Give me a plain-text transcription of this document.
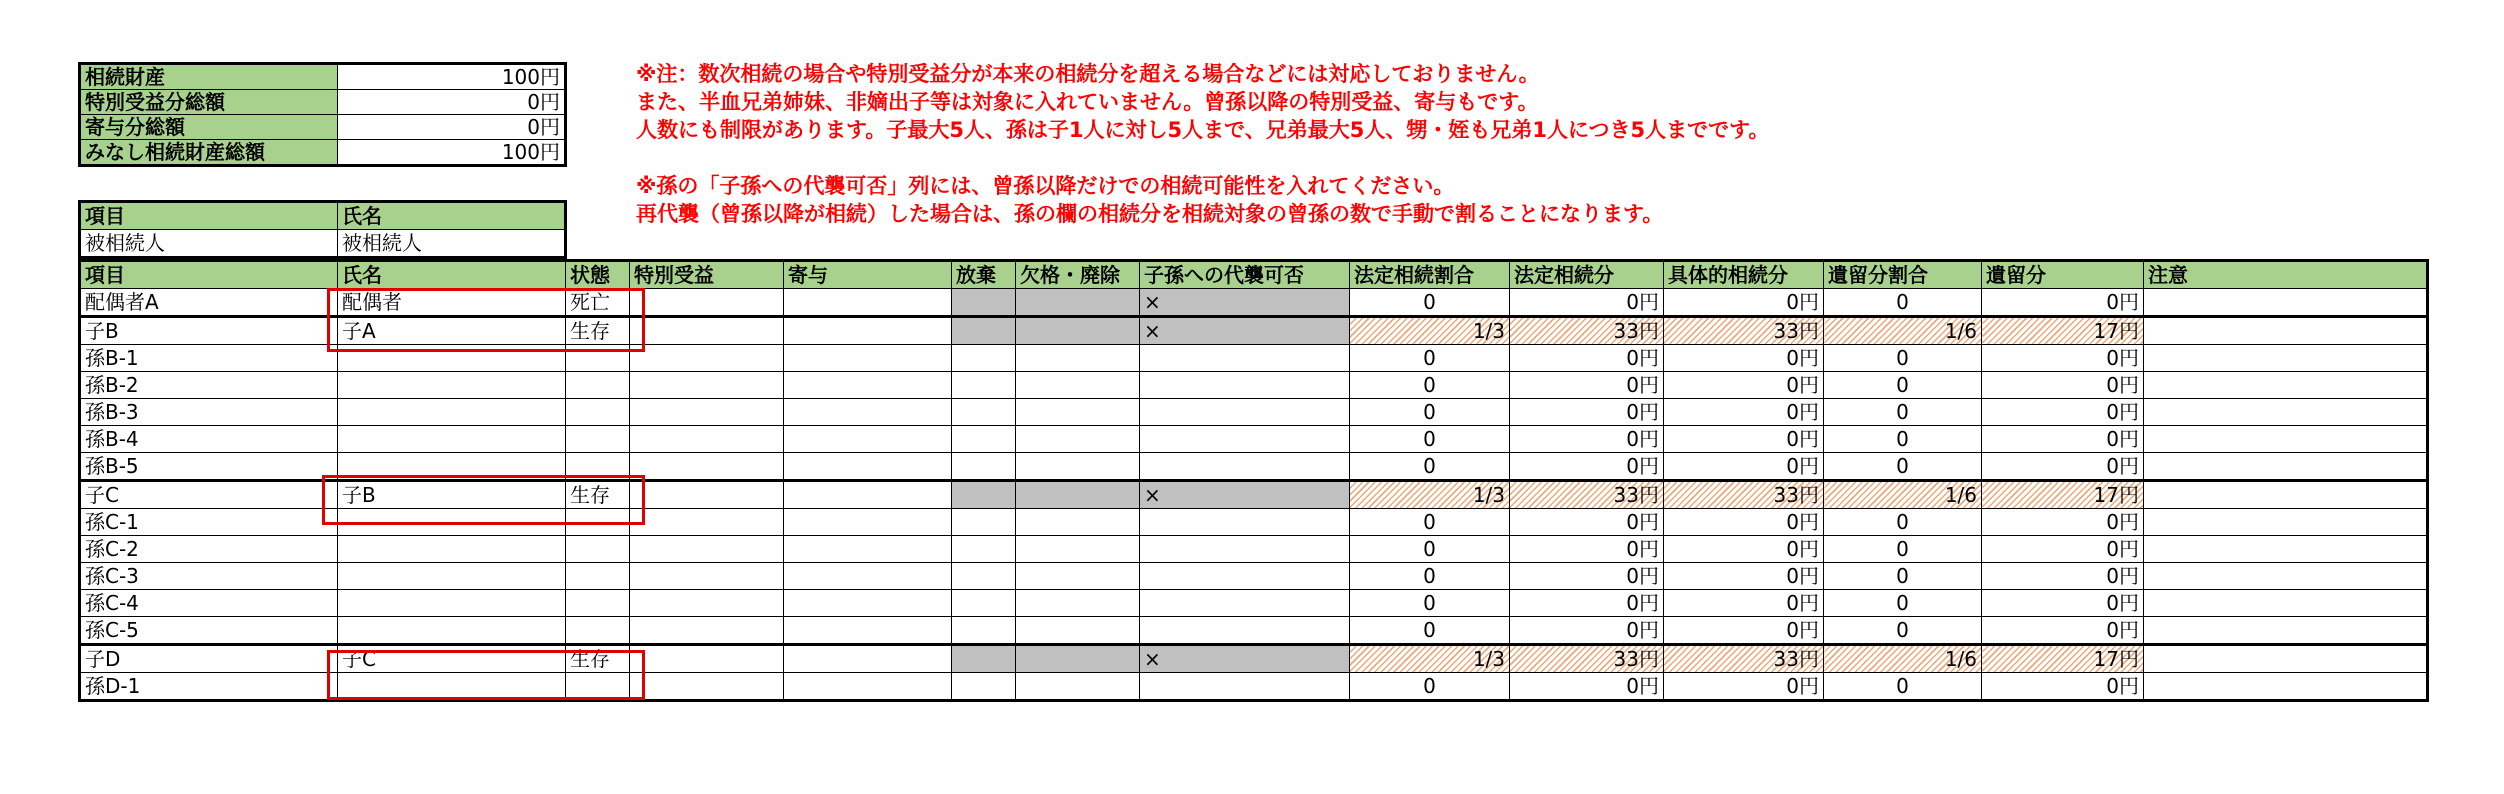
相続財産	100円
特別受益分総額	0円
寄与分総額	0円
みなし相続財産総額	100円
※注：数次相続の場合や特別受益分が本来の相続分を超える場合などには対応しておりません。
また、半血兄弟姉妹、非嫡出子等は対象に入れていません。曾孫以降の特別受益、寄与もです。
人数にも制限があります。子最大5人、孫は子1人に対し5人まで、兄弟最大5人、甥・姪も兄弟1人につき5人までです。
※孫の「子孫への代襲可否」列には、曾孫以降だけでの相続可能性を入れてください。
再代襲（曾孫以降が相続）した場合は、孫の欄の相続分を相続対象の曾孫の数で手動で割ることになります。
項目	氏名
被相続人	被相続人
項目	氏名	状態	特別受益	寄与	放棄	欠格・廃除	子孫への代襲可否	法定相続割合	法定相続分	具体的相続分	遺留分割合	遺留分	注意
配偶者A	配偶者	死亡					×	0	0円	0円	0	0円	
子B	子A	生存					×	1/3	33円	33円	1/6	17円	
孫B-1								0	0円	0円	0	0円	
孫B-2								0	0円	0円	0	0円	
孫B-3								0	0円	0円	0	0円	
孫B-4								0	0円	0円	0	0円	
孫B-5								0	0円	0円	0	0円	
子C	子B	生存					×	1/3	33円	33円	1/6	17円	
孫C-1								0	0円	0円	0	0円	
孫C-2								0	0円	0円	0	0円	
孫C-3								0	0円	0円	0	0円	
孫C-4								0	0円	0円	0	0円	
孫C-5								0	0円	0円	0	0円	
子D	子C	生存					×	1/3	33円	33円	1/6	17円	
孫D-1								0	0円	0円	0	0円	
